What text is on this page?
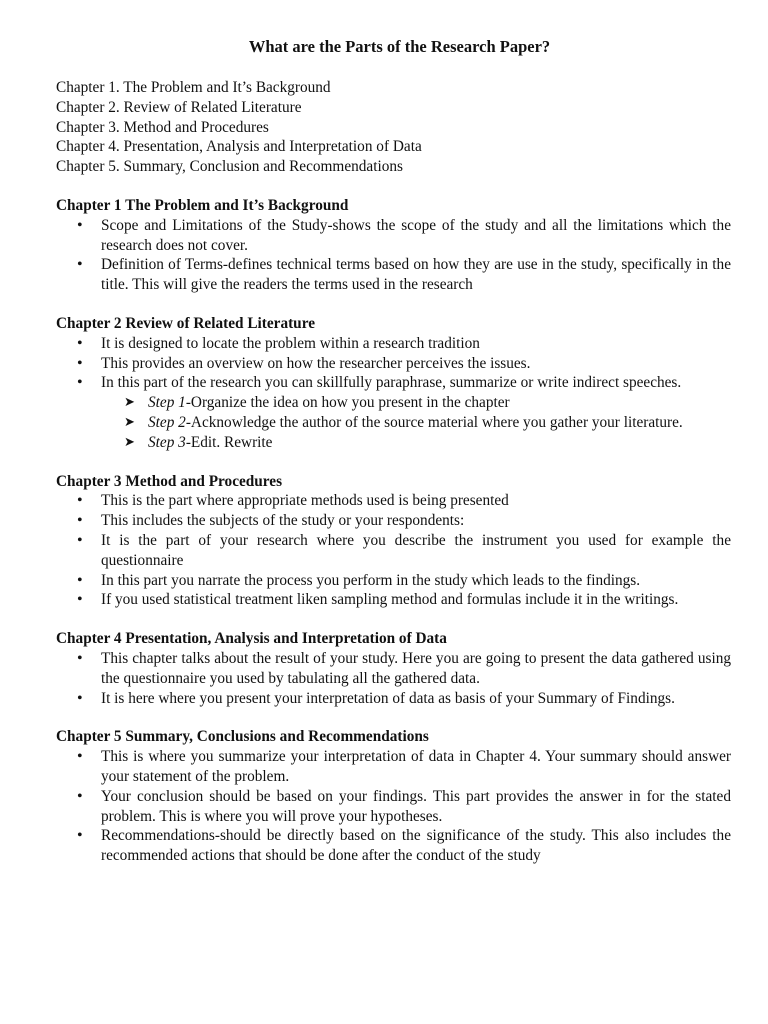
What are the Parts of the Research Paper?
Chapter 1. The Problem and It’s Background
Chapter 2. Review of Related Literature
Chapter 3. Method and Procedures
Chapter 4. Presentation, Analysis and Interpretation of Data
Chapter 5. Summary, Conclusion and Recommendations
Chapter 1 The Problem and It’s Background
• Scope and Limitations of the Study-shows the scope of the study and all the limitations which the research does not cover.
• Definition of Terms-defines technical terms based on how they are use in the study, specifically in the title. This will give the readers the terms used in the research
Chapter 2 Review of Related Literature
• It is designed to locate the problem within a research tradition
• This provides an overview on how the researcher perceives the issues.
• In this part of the research you can skillfully paraphrase, summarize or write indirect speeches.
➤ Step 1-Organize the idea on how you present in the chapter
➤ Step 2-Acknowledge the author of the source material where you gather your literature.
➤ Step 3-Edit. Rewrite
Chapter 3 Method and Procedures
• This is the part where appropriate methods used is being presented
• This includes the subjects of the study or your respondents:
• It is the part of your research where you describe the instrument you used for example the questionnaire
• In this part you narrate the process you perform in the study which leads to the findings.
• If you used statistical treatment liken sampling method and formulas include it in the writings.
Chapter 4 Presentation, Analysis and Interpretation of Data
• This chapter talks about the result of your study. Here you are going to present the data gathered using the questionnaire you used by tabulating all the gathered data.
• It is here where you present your interpretation of data as basis of your Summary of Findings.
Chapter 5 Summary, Conclusions and Recommendations
• This is where you summarize your interpretation of data in Chapter 4. Your summary should answer your statement of the problem.
• Your conclusion should be based on your findings. This part provides the answer in for the stated problem. This is where you will prove your hypotheses.
• Recommendations-should be directly based on the significance of the study. This also includes the recommended actions that should be done after the conduct of the study
